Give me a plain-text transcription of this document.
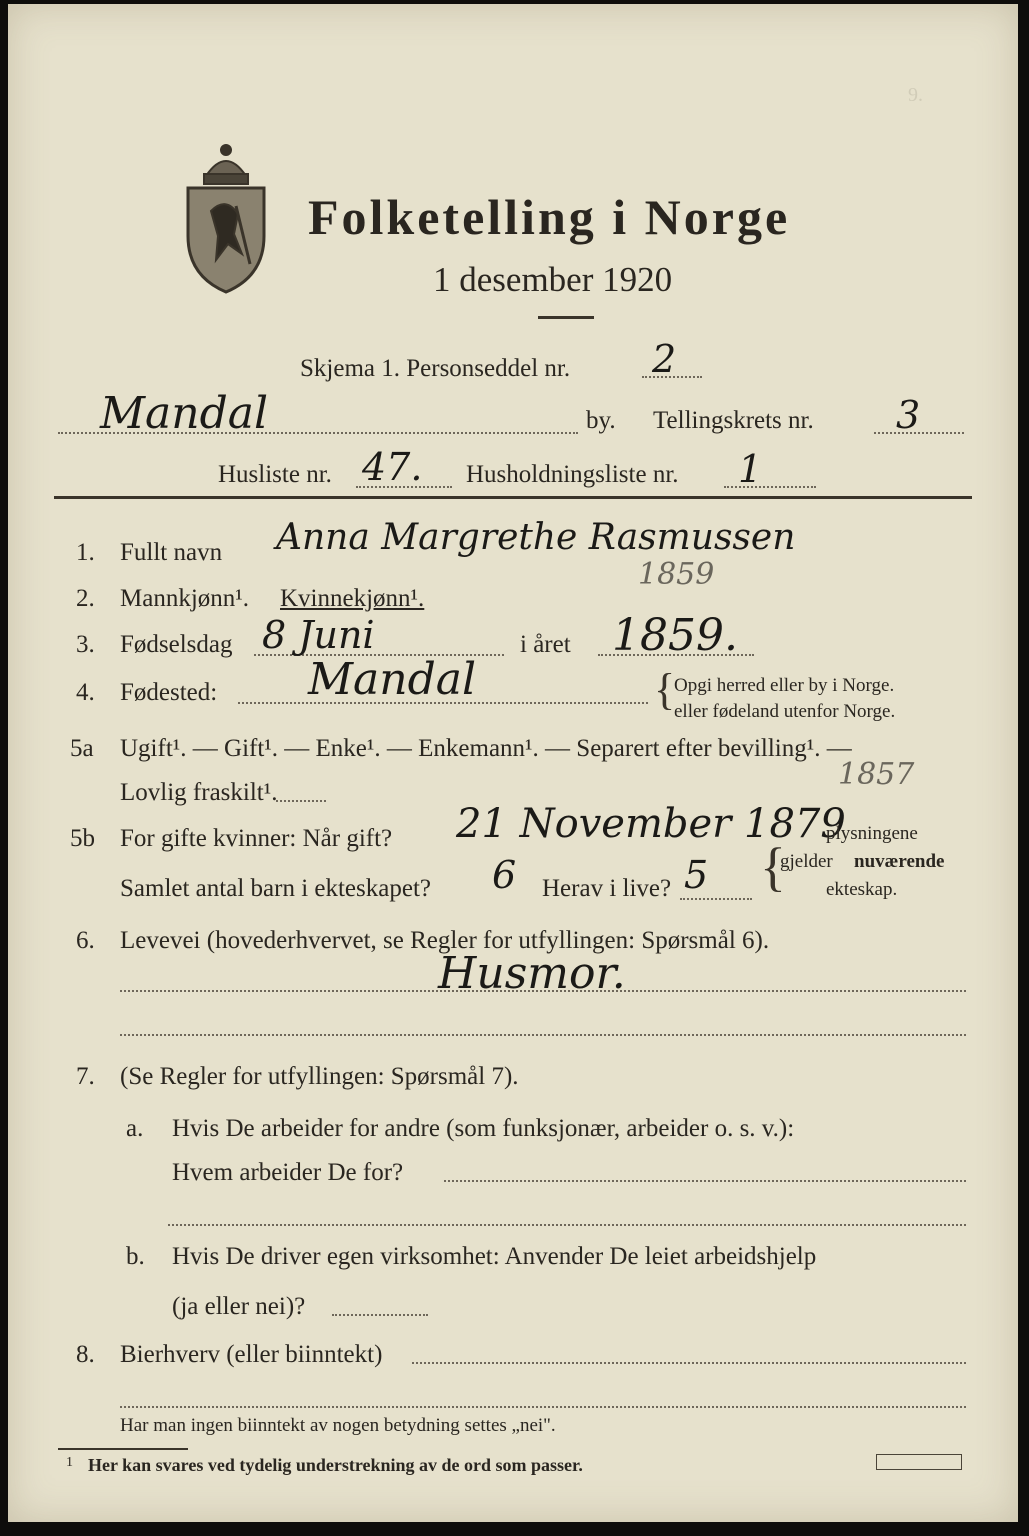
9.
Folketelling i Norge
1 desember 1920
Skjema 1. Personseddel nr. 2
Mandal	by. Tellingskrets nr. 3
Husliste nr. 47. Husholdningsliste nr. 1
1. Fullt navn Anna Margrethe Rasmussen
2. Mannkjønn¹. Kvinnekjønn¹.
1859
3. Fødselsdag 8 Juni	i året 1859.
4. Fødested: Mandal	{
Opgi herred eller by i Norge.
eller fødeland utenfor Norge.
5a Ugift¹. — Gift¹. — Enke¹. — Enkemann¹. — Separert efter bevilling¹. —
Lovlig fraskilt¹.
1857
5b For gifte kvinner: Når gift? 21 November 1879
Samlet antal barn i ekteskapet? 6 Herav i live? 5 {
plysningene
gjelder nuværende
ekteskap.
6. Levevei (hovederhvervet, se Regler for utfyllingen: Spørsmål 6).
Husmor.
7. (Se Regler for utfyllingen: Spørsmål 7).
a. Hvis De arbeider for andre (som funksjonær, arbeider o. s. v.):
Hvem arbeider De for?
b. Hvis De driver egen virksomhet: Anvender De leiet arbeidshjelp
(ja eller nei)?
8. Bierhverv (eller biinntekt)
Har man ingen biinntekt av nogen betydning settes „nei".
1 Her kan svares ved tydelig understrekning av de ord som passer.
